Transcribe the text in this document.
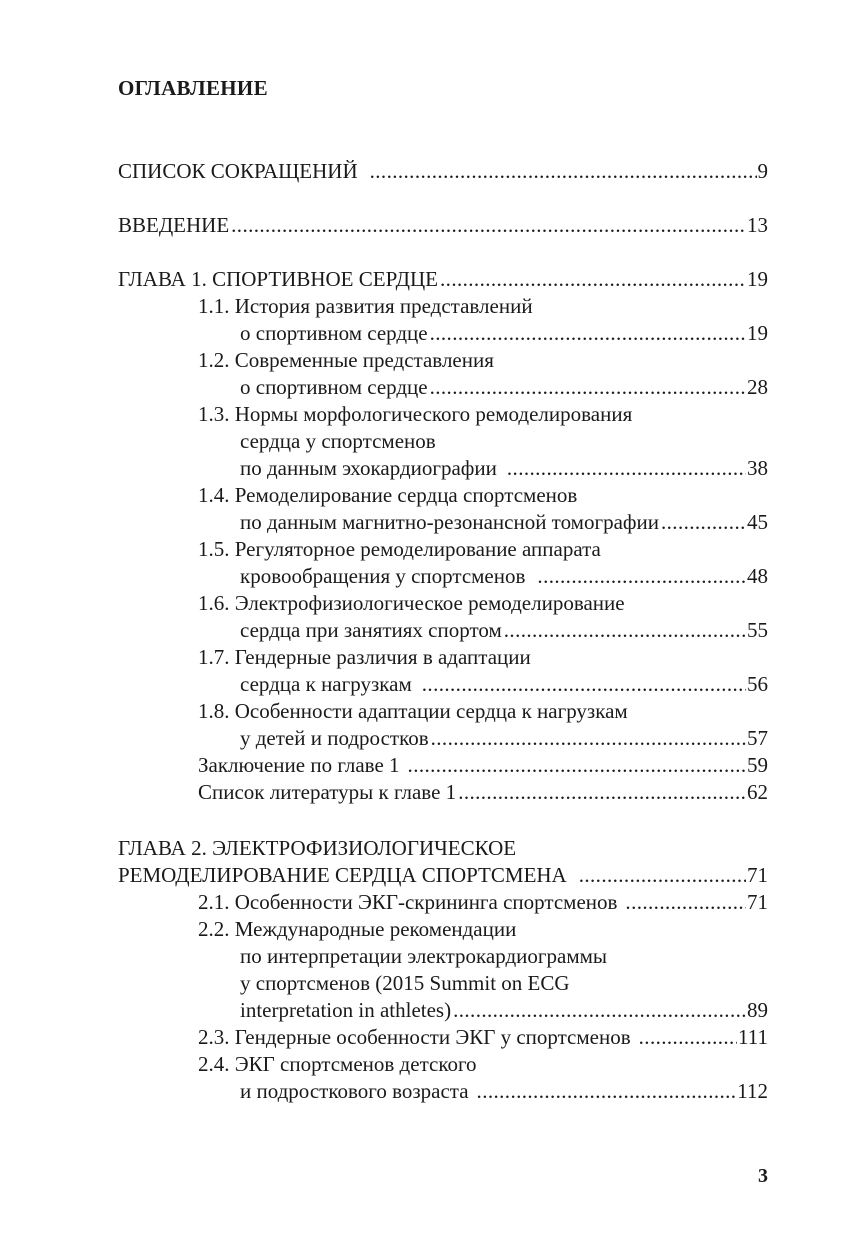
ОГЛАВЛЕНИЕ
СПИСОК СОКРАЩЕНИЙ .....	9
ВВЕДЕНИЕ .....	13
ГЛАВА 1. СПОРТИВНОЕ СЕРДЦЕ .....	19
1.1. История развития представлений
о спортивном сердце .....	19
1.2. Современные представления
о спортивном сердце .....	28
1.3. Нормы морфологического ремоделирования
сердца у спортсменов
по данным эхокардиографии .....	38
1.4. Ремоделирование сердца спортсменов
по данным магнитно-резонансной томографии .....	45
1.5. Регуляторное ремоделирование аппарата
кровообращения у спортсменов .....	48
1.6. Электрофизиологическое ремоделирование
сердца при занятиях спортом .....	55
1.7. Гендерные различия в адаптации
сердца к нагрузкам .....	56
1.8. Особенности адаптации сердца к нагрузкам
у детей и подростков .....	57
Заключение по главе 1 .....	59
Список литературы к главе 1 .....	62
ГЛАВА 2. ЭЛЕКТРОФИЗИОЛОГИЧЕСКОЕ
РЕМОДЕЛИРОВАНИЕ СЕРДЦА СПОРТСМЕНА .....	71
2.1. Особенности ЭКГ-скрининга спортсменов .....	71
2.2. Международные рекомендации
по интерпретации электрокардиограммы
у спортсменов (2015 Summit on ECG
interpretation in athletes) .....	89
2.3. Гендерные особенности ЭКГ у спортсменов .....	111
2.4. ЭКГ спортсменов детского
и подросткового возраста .....	112
3
